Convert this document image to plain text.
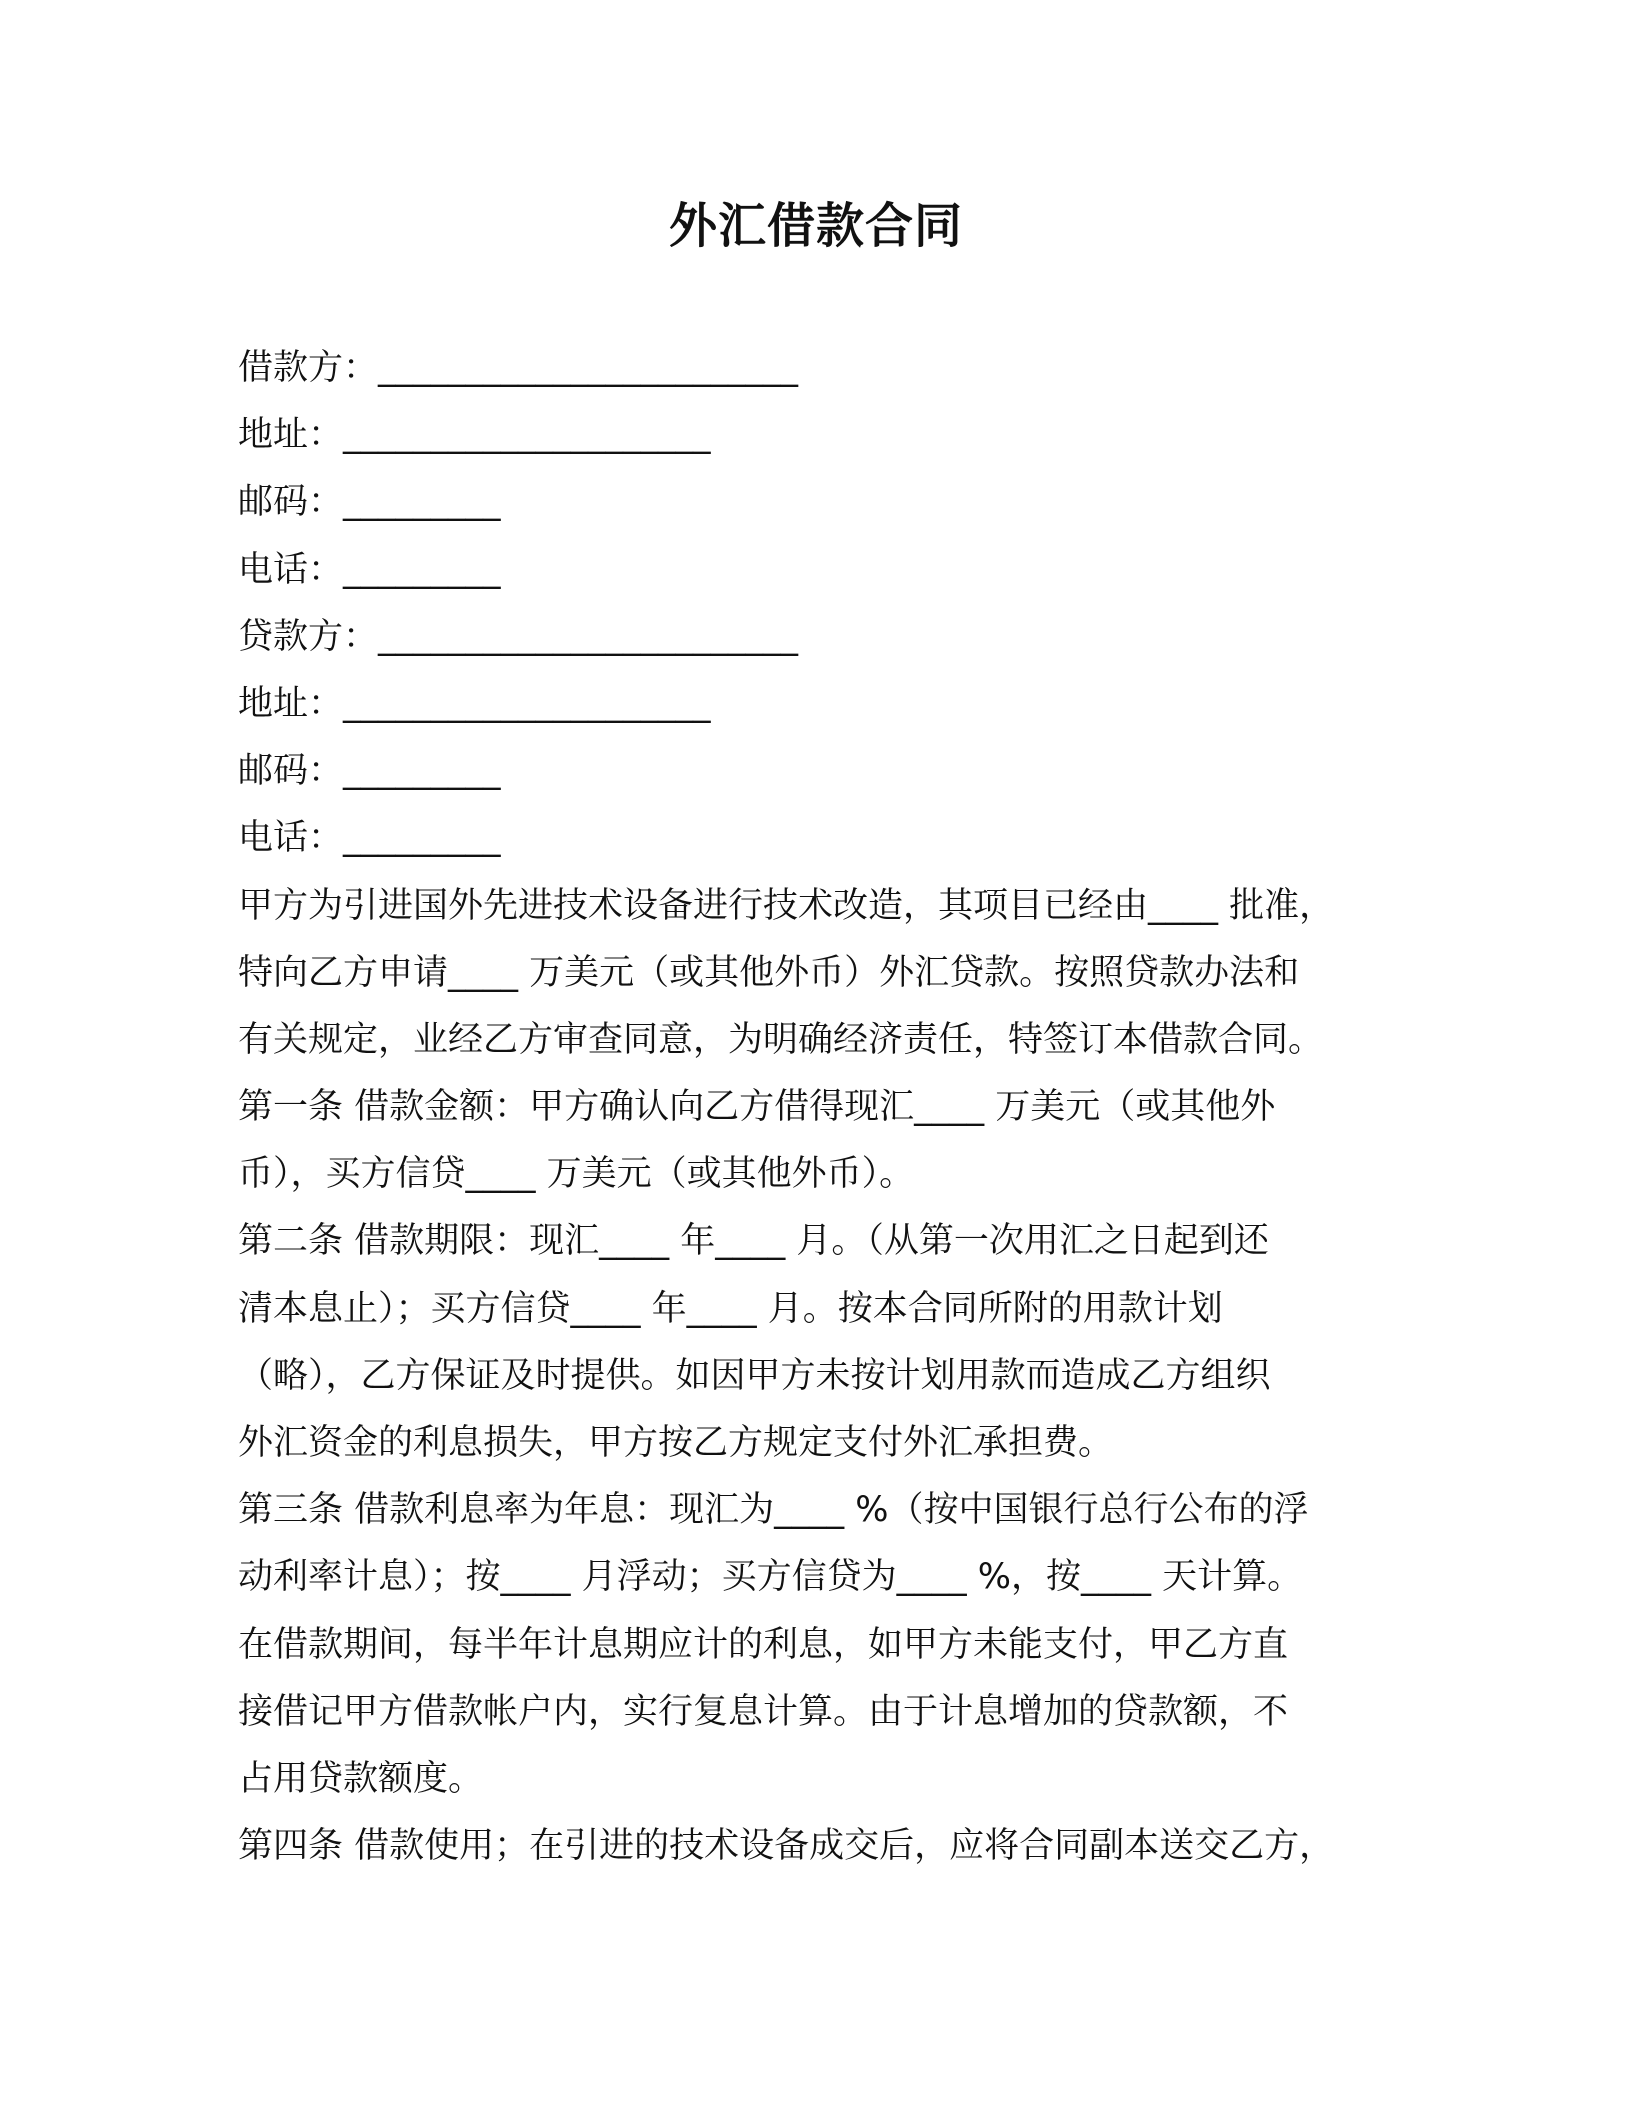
外汇借款合同
借款方：________________________
地址：_____________________
邮码：_________
电话：_________
贷款方：________________________
地址：_____________________
邮码：_________
电话：_________
甲方为引进国外先进技术设备进行技术改造，其项目已经由____ 批准，
特向乙方申请____ 万美元（或其他外币）外汇贷款。按照贷款办法和
有关规定，业经乙方审查同意，为明确经济责任，特签订本借款合同。
第一条 借款金额：甲方确认向乙方借得现汇____ 万美元（或其他外
币），买方信贷____ 万美元（或其他外币）。
第二条 借款期限：现汇____ 年____ 月。（从第一次用汇之日起到还
清本息止）；买方信贷____ 年____ 月。按本合同所附的用款计划
（略），乙方保证及时提供。如因甲方未按计划用款而造成乙方组织
外汇资金的利息损失，甲方按乙方规定支付外汇承担费。
第三条 借款利息率为年息：现汇为____ %（按中国银行总行公布的浮
动利率计息）；按____ 月浮动；买方信贷为____ %，按____ 天计算。
在借款期间，每半年计息期应计的利息，如甲方未能支付，甲乙方直
接借记甲方借款帐户内，实行复息计算。由于计息增加的贷款额，不
占用贷款额度。
第四条 借款使用；在引进的技术设备成交后，应将合同副本送交乙方，
